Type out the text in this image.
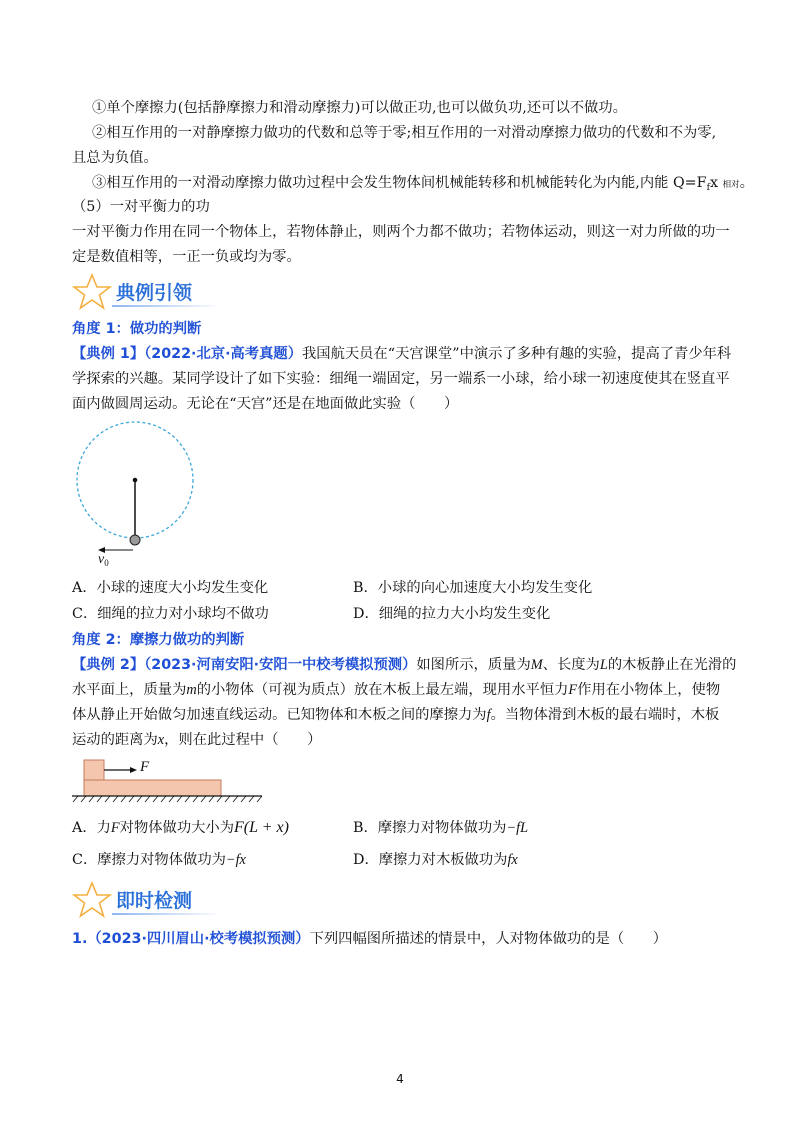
①单个摩擦力(包括静摩擦力和滑动摩擦力)可以做正功,也可以做负功,还可以不做功。
②相互作用的一对静摩擦力做功的代数和总等于零;相互作用的一对滑动摩擦力做功的代数和不为零,
且总为负值。
③相互作用的一对滑动摩擦力做功过程中会发生物体间机械能转移和机械能转化为内能,内能 $Q=F_fx$ 相对。
（5）一对平衡力的功
一对平衡力作用在同一个物体上，若物体静止，则两个力都不做功；若物体运动，则这一对力所做的功一
定是数值相等，一正一负或均为零。
典例引领
角度 1：做功的判断
【典例 1】（2022·北京·高考真题）我国航天员在“天宫课堂”中演示了多种有趣的实验，提高了青少年科
学探索的兴趣。某同学设计了如下实验：细绳一端固定，另一端系一小球，给小球一初速度使其在竖直平
面内做圆周运动。无论在“天宫”还是在地面做此实验（　　）
$v_0$
A．小球的速度大小均发生变化	B．小球的向心加速度大小均发生变化
C．细绳的拉力对小球均不做功	D．细绳的拉力大小均发生变化
角度 2：摩擦力做功的判断
【典例 2】（2023·河南安阳·安阳一中校考模拟预测）如图所示，质量为M、长度为L的木板静止在光滑的
水平面上，质量为m的小物体（可视为质点）放在木板上最左端，现用水平恒力F作用在小物体上，使物
体从静止开始做匀加速直线运动。已知物体和木板之间的摩擦力为f。当物体滑到木板的最右端时，木板
运动的距离为x，则在此过程中（　　）
F
A．力F对物体做功大小为F(L + x)	B．摩擦力对物体做功为−fL
C．摩擦力对物体做功为−fx	D．摩擦力对木板做功为fx
即时检测
1.（2023·四川眉山·校考模拟预测）下列四幅图所描述的情景中，人对物体做功的是（　　）
4
